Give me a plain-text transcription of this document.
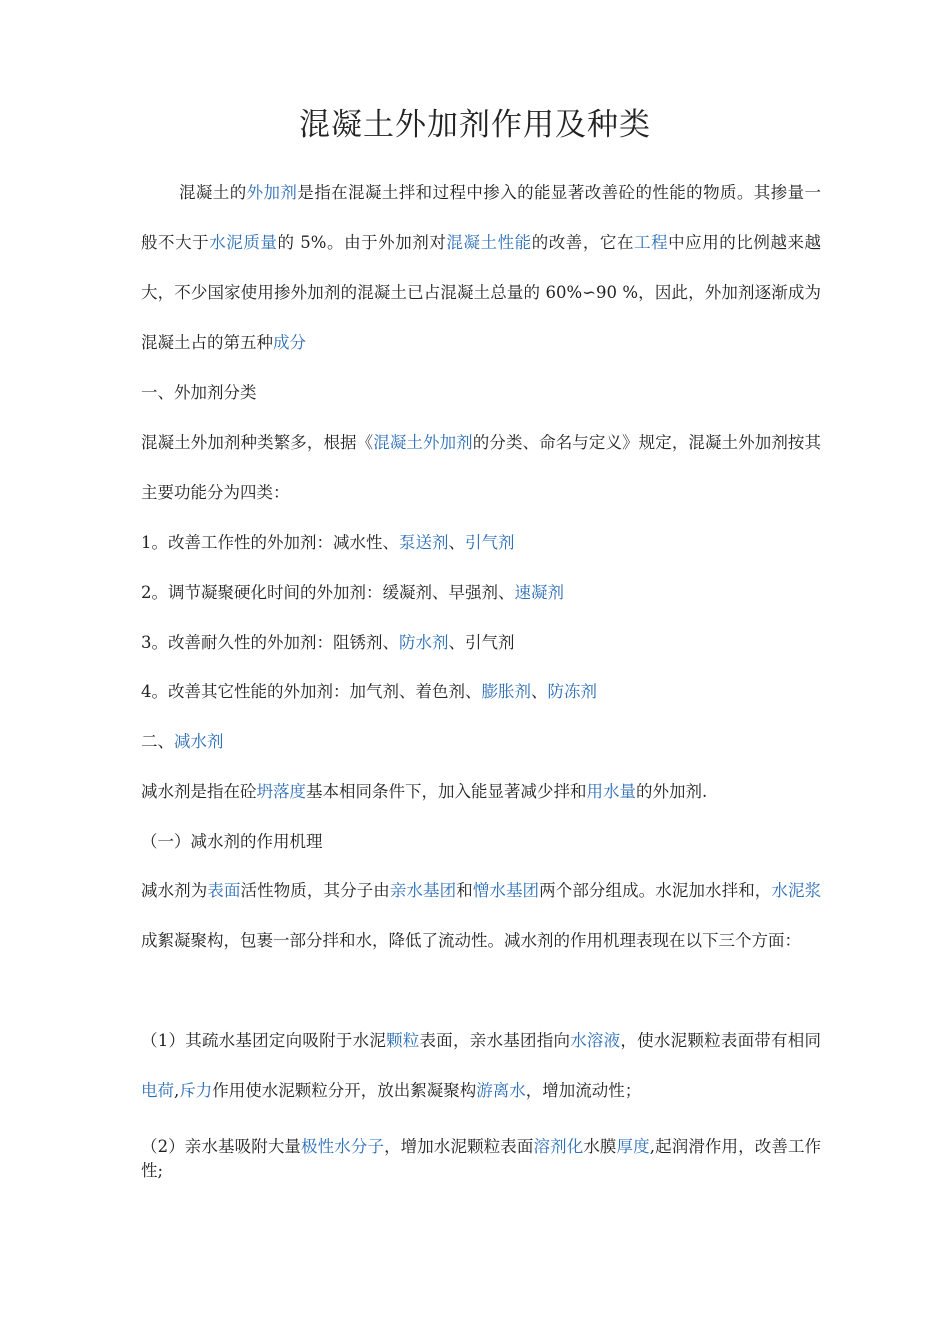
混凝土外加剂作用及种类
混凝土的外加剂是指在混凝土拌和过程中掺入的能显著改善砼的性能的物质。其掺量一般不大于水泥质量的 5%。由于外加剂对混凝土性能的改善，它在工程中应用的比例越来越大，不少国家使用掺外加剂的混凝土已占混凝土总量的 60%∽90 %，因此，外加剂逐渐成为混凝土占的第五种成分
一、外加剂分类
混凝土外加剂种类繁多，根据《混凝土外加剂的分类、命名与定义》规定，混凝土外加剂按其主要功能分为四类：
1。改善工作性的外加剂：减水性、泵送剂、引气剂
2。调节凝聚硬化时间的外加剂：缓凝剂、早强剂、速凝剂
3。改善耐久性的外加剂：阻锈剂、防水剂、引气剂
4。改善其它性能的外加剂：加气剂、着色剂、膨胀剂、防冻剂
二、减水剂
减水剂是指在砼坍落度基本相同条件下，加入能显著减少拌和用水量的外加剂.
（一）减水剂的作用机理
减水剂为表面活性物质，其分子由亲水基团和憎水基团两个部分组成。水泥加水拌和，水泥浆成絮凝聚构，包裹一部分拌和水，降低了流动性。减水剂的作用机理表现在以下三个方面：
（1）其疏水基团定向吸附于水泥颗粒表面，亲水基团指向水溶液，使水泥颗粒表面带有相同电荷,斥力作用使水泥颗粒分开，放出絮凝聚构游离水，增加流动性；
（2）亲水基吸附大量极性水分子，增加水泥颗粒表面溶剂化水膜厚度,起润滑作用，改善工作性;
